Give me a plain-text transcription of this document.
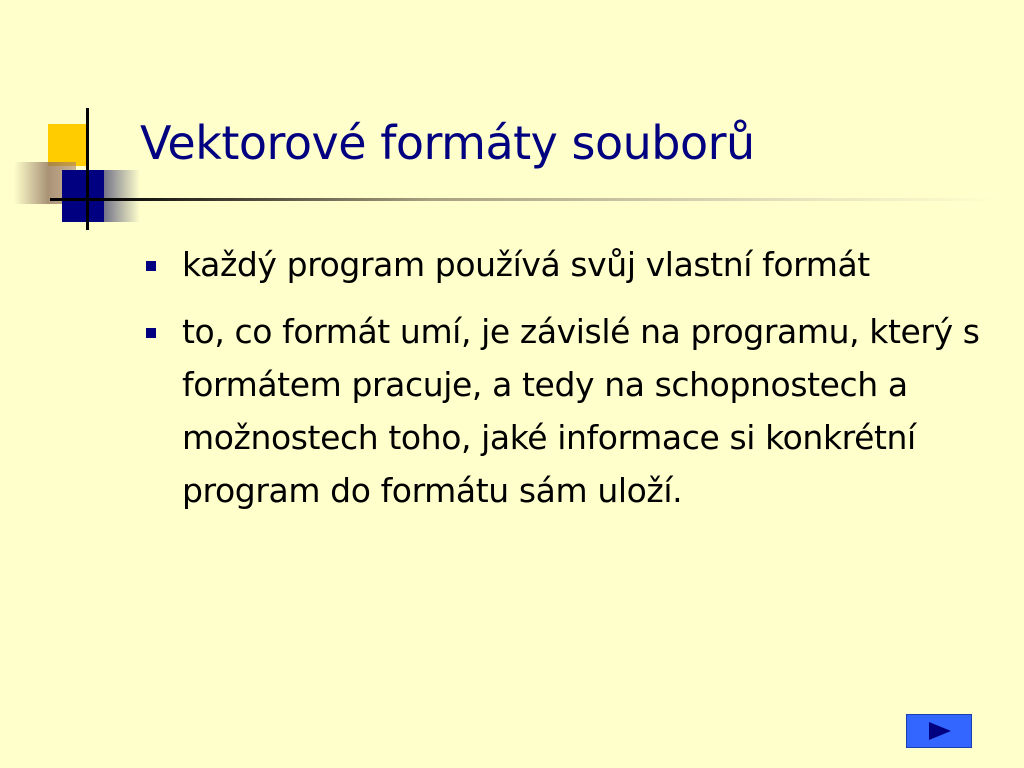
Vektorové formáty souborů
každý program používá svůj vlastní formát
to, co formát umí, je závislé na programu, který s formátem pracuje, a tedy na schopnostech a možnostech toho, jaké informace si konkrétní program do formátu sám uloží.
